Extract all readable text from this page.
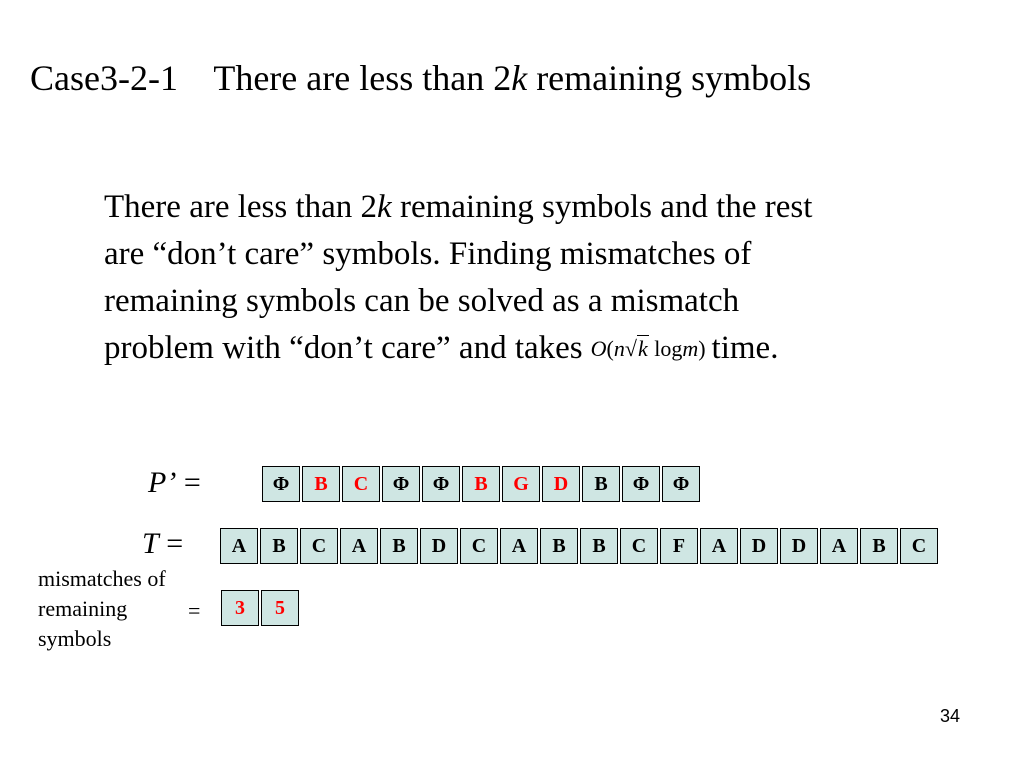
Case3-2-1 There are less than 2k remaining symbols
There are less than 2k remaining symbols and the rest
are “don’t care” symbols. Finding mismatches of
remaining symbols can be solved as a mismatch
problem with “don’t care” and takes O(n√k logm) time.
P’ =	Φ	B	C	Φ	Φ	B	G	D	B	Φ	Φ
T =	A	B	C	A	B	D	C	A	B	B	C	F	A	D	D	A	B	C
mismatches of
remaining
symbols
=	3	5
34
